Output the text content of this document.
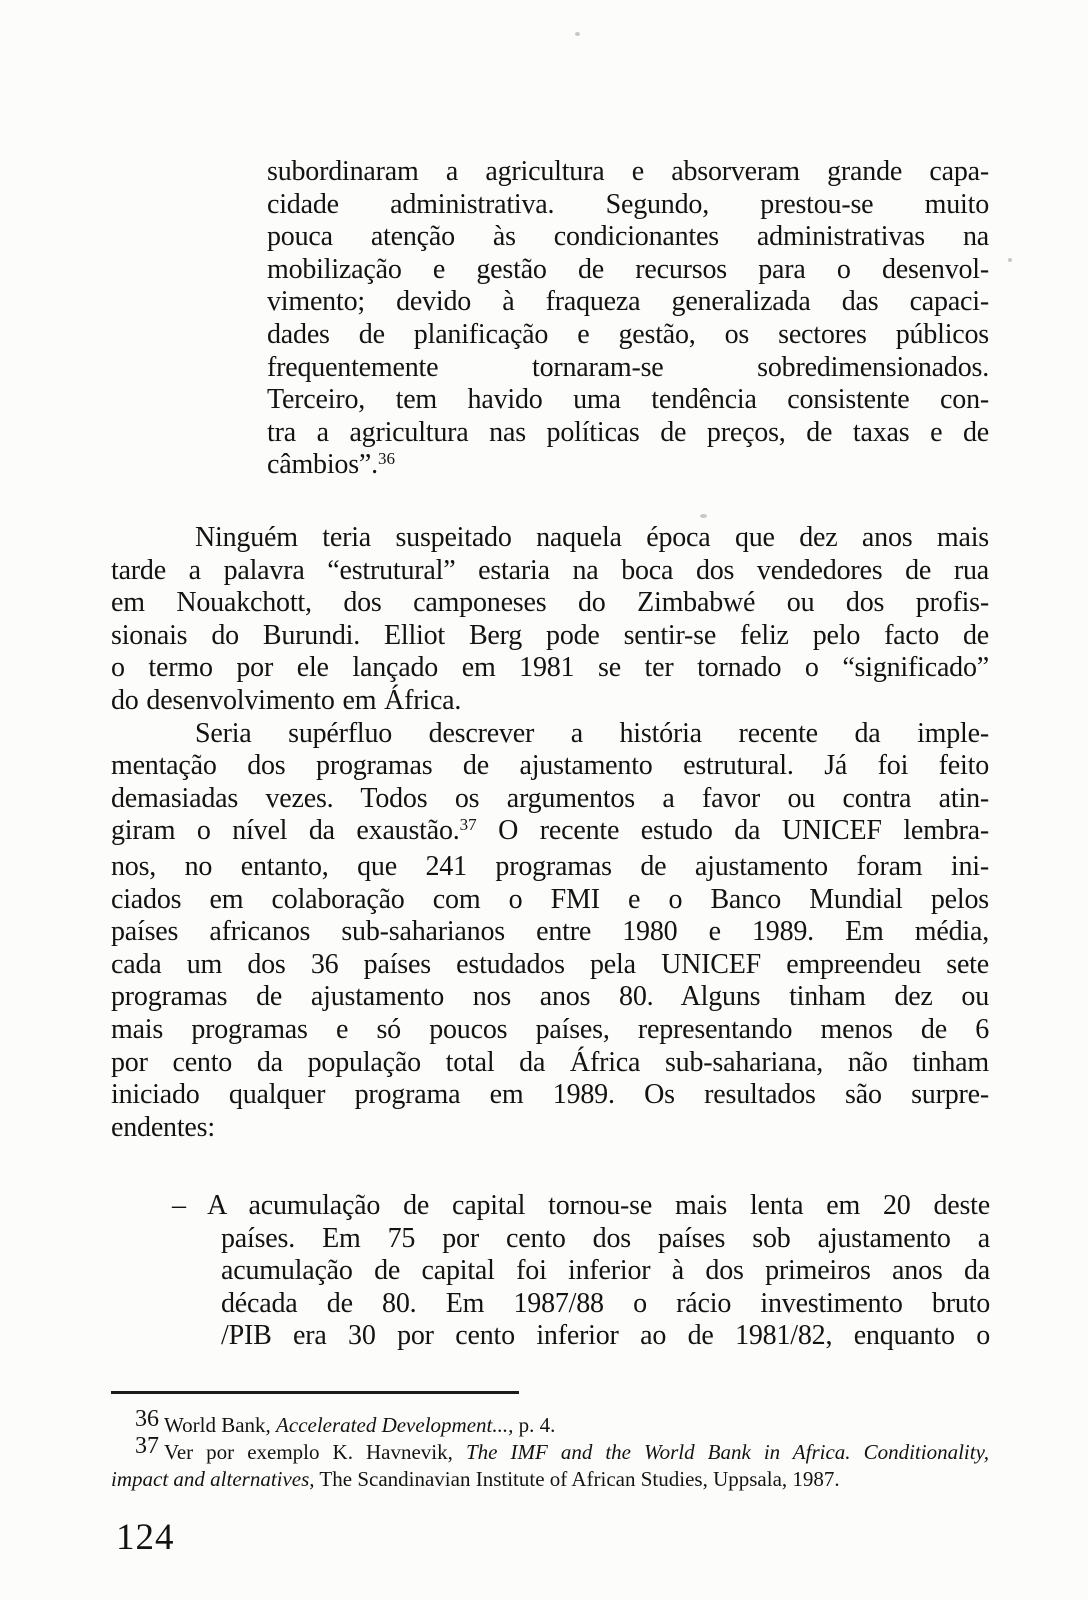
subordinaram a agricultura e absorveram grande capa-
cidade administrativa. Segundo, prestou-se muito
pouca atenção às condicionantes administrativas na
mobilização e gestão de recursos para o desenvol-
vimento; devido à fraqueza generalizada das capaci-
dades de planificação e gestão, os sectores públicos
frequentemente tornaram-se sobredimensionados.
Terceiro, tem havido uma tendência consistente con-
tra a agricultura nas políticas de preços, de taxas e de
câmbios”.$^{36}$
Ninguém teria suspeitado naquela época que dez anos mais
tarde a palavra “estrutural” estaria na boca dos vendedores de rua
em Nouakchott, dos camponeses do Zimbabwé ou dos profis-
sionais do Burundi. Elliot Berg pode sentir-se feliz pelo facto de
o termo por ele lançado em 1981 se ter tornado o “significado”
do desenvolvimento em África.
Seria supérfluo descrever a história recente da imple-
mentação dos programas de ajustamento estrutural. Já foi feito
demasiadas vezes. Todos os argumentos a favor ou contra atin-
giram o nível da exaustão.$^{37}$ O recente estudo da UNICEF lembra-
nos, no entanto, que 241 programas de ajustamento foram ini-
ciados em colaboração com o FMI e o Banco Mundial pelos
países africanos sub-saharianos entre 1980 e 1989. Em média,
cada um dos 36 países estudados pela UNICEF empreendeu sete
programas de ajustamento nos anos 80. Alguns tinham dez ou
mais programas e só poucos países, representando menos de 6
por cento da população total da África sub-sahariana, não tinham
iniciado qualquer programa em 1989. Os resultados são surpre-
endentes:
– A acumulação de capital tornou-se mais lenta em 20 deste
países. Em 75 por cento dos países sob ajustamento a
acumulação de capital foi inferior à dos primeiros anos da
década de 80. Em 1987/88 o rácio investimento bruto
/PIB era 30 por cento inferior ao de 1981/82, enquanto o
36 World Bank, Accelerated Development..., p. 4.
37 Ver por exemplo K. Havnevik, The IMF and the World Bank in Africa. Conditionality,
impact and alternatives, The Scandinavian Institute of African Studies, Uppsala, 1987.
124
